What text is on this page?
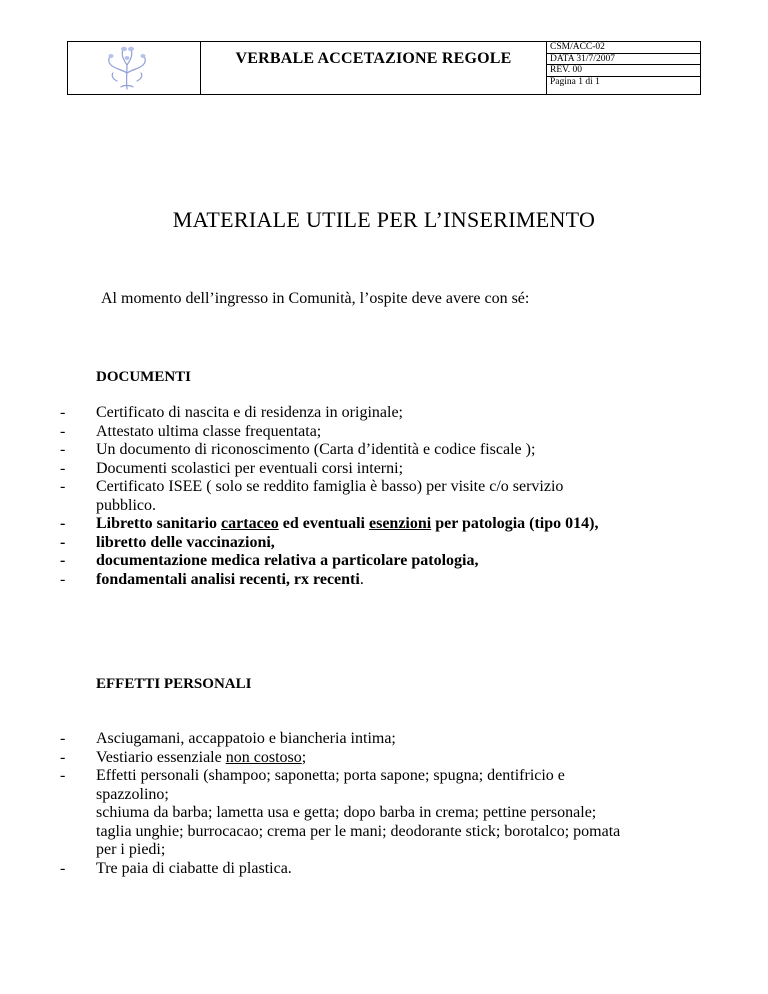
VERBALE ACCETAZIONE REGOLE

CSM/ACC-02
DATA 31/7/2007
REV. 00
Pagina 1 di 1
MATERIALE UTILE PER L’INSERIMENTO

Al momento dell’ingresso in Comunità, l’ospite deve avere con sé:

DOCUMENTI

- Certificato di nascita e di residenza in originale;
- Attestato ultima classe frequentata;
- Un documento di riconoscimento (Carta d’identità e codice fiscale );
- Documenti scolastici per eventuali corsi interni;
- Certificato ISEE ( solo se reddito famiglia è basso) per visite c/o servizio
pubblico.
- Libretto sanitario cartaceo ed eventuali esenzioni per patologia (tipo 014),
- libretto delle vaccinazioni,
- documentazione medica relativa a particolare patologia,
- fondamentali analisi recenti, rx recenti.

EFFETTI PERSONALI

- Asciugamani, accappatoio e biancheria intima;
- Vestiario essenziale non costoso;
- Effetti personali (shampoo; saponetta; porta sapone; spugna; dentifricio e
spazzolino;
schiuma da barba; lametta usa e getta; dopo barba in crema; pettine personale;
taglia unghie; burrocacao; crema per le mani; deodorante stick; borotalco; pomata
per i piedi;
- Tre paia di ciabatte di plastica.
